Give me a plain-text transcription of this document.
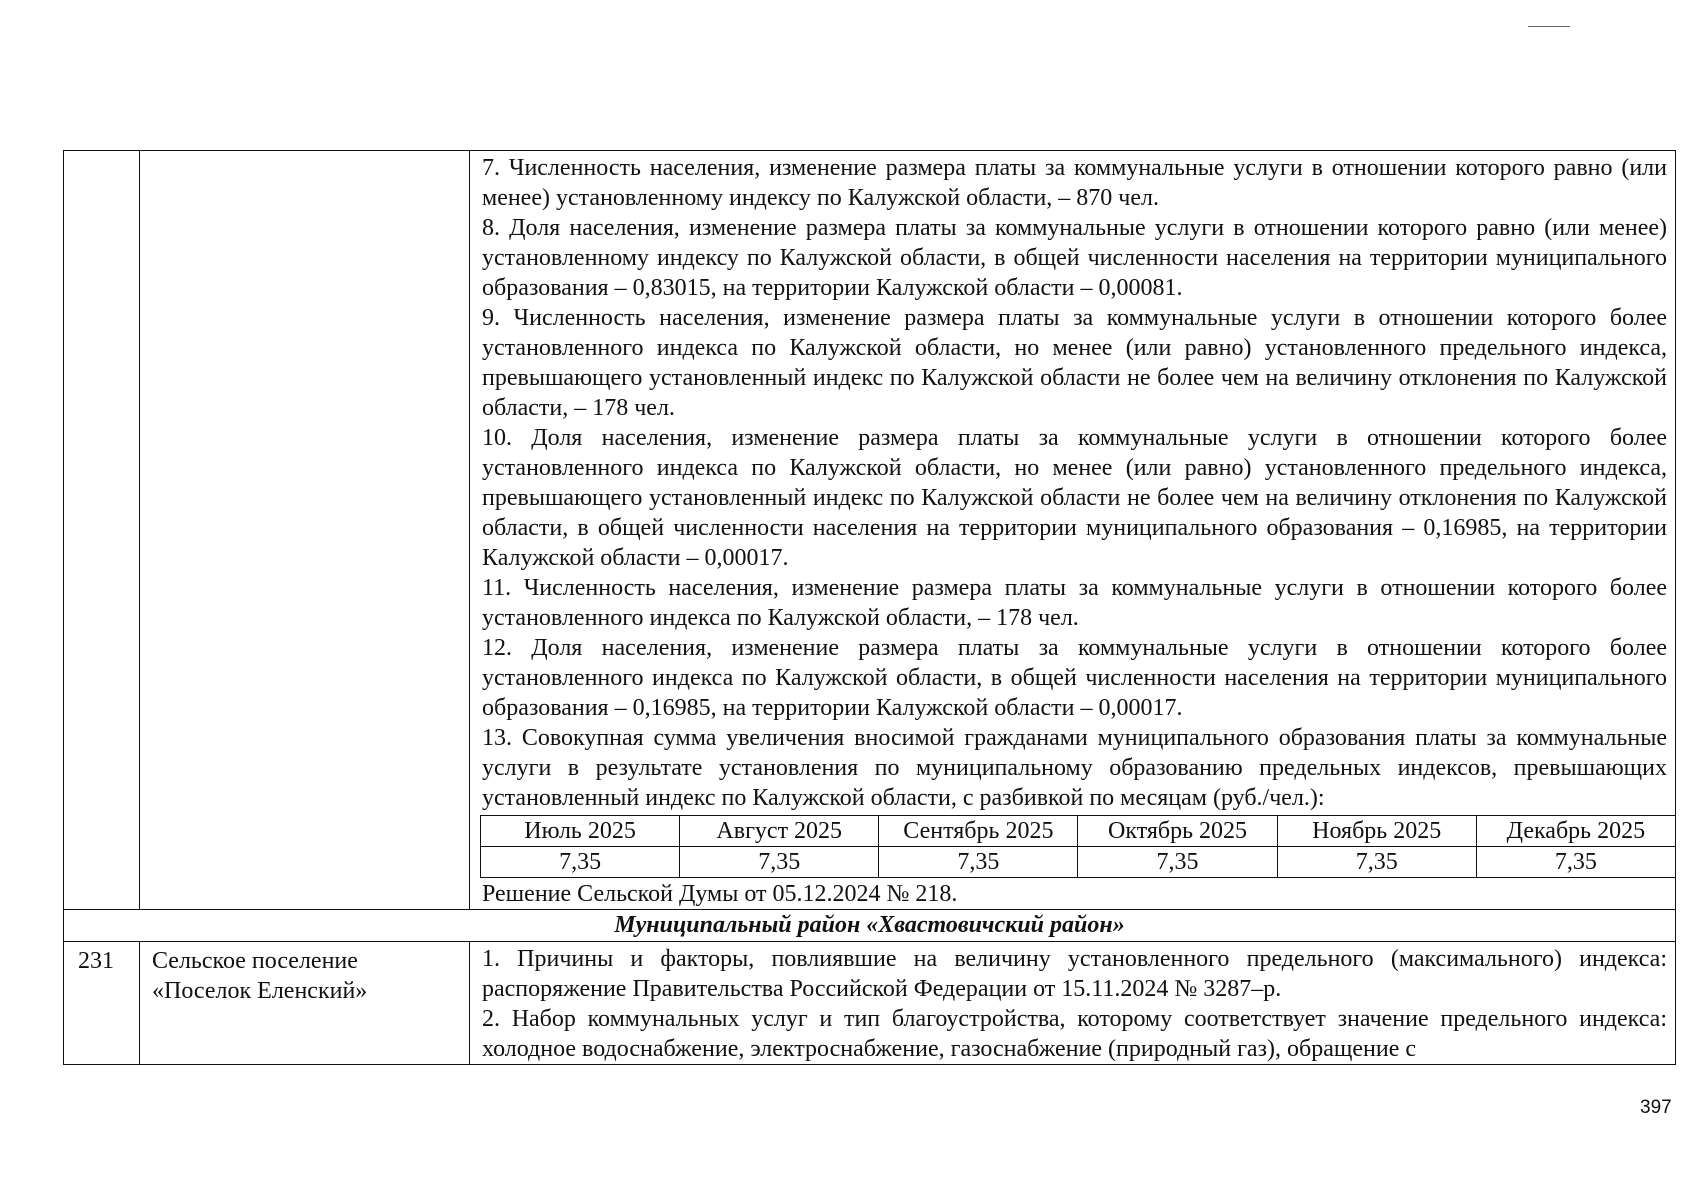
7. Численность населения, изменение размера платы за коммунальные услуги в отношении которого равно (или менее) установленному индексу по Калужской области, – 870 чел.

8. Доля населения, изменение размера платы за коммунальные услуги в отношении которого равно (или менее) установленному индексу по Калужской области, в общей численности населения на территории муниципального образования – 0,83015, на территории Калужской области – 0,00081.

9. Численность населения, изменение размера платы за коммунальные услуги в отношении которого более установленного индекса по Калужской области, но менее (или равно) установленного предельного индекса, превышающего установленный индекс по Калужской области не более чем на величину отклонения по Калужской области, – 178 чел.

10. Доля населения, изменение размера платы за коммунальные услуги в отношении которого более установленного индекса по Калужской области, но менее (или равно) установленного предельного индекса, превышающего установленный индекс по Калужской области не более чем на величину отклонения по Калужской области, в общей численности населения на территории муниципального образования – 0,16985, на территории Калужской области – 0,00017.

11. Численность населения, изменение размера платы за коммунальные услуги в отношении которого более установленного индекса по Калужской области, – 178 чел.

12. Доля населения, изменение размера платы за коммунальные услуги в отношении которого более установленного индекса по Калужской области, в общей численности населения на территории муниципального образования – 0,16985, на территории Калужской области – 0,00017.

13. Совокупная сумма увеличения вносимой гражданами муниципального образования платы за коммунальные услуги в результате установления по муниципальному образованию предельных индексов, превышающих установленный индекс по Калужской области, с разбивкой по месяцам (руб./чел.):

Июль 2025	Август 2025	Сентябрь 2025	Октябрь 2025	Ноябрь 2025	Декабрь 2025
7,35	7,35	7,35	7,35	7,35	7,35

Решение Сельской Думы от 05.12.2024 № 218.

Муниципальный район «Хвастовичский район»

231	Сельское поселение
«Поселок Еленский»

1. Причины и факторы, повлиявшие на величину установленного предельного (максимального) индекса: распоряжение Правительства Российской Федерации от 15.11.2024 № 3287–р.

2. Набор коммунальных услуг и тип благоустройства, которому соответствует значение предельного индекса: холодное водоснабжение, электроснабжение, газоснабжение (природный газ), обращение с

397
